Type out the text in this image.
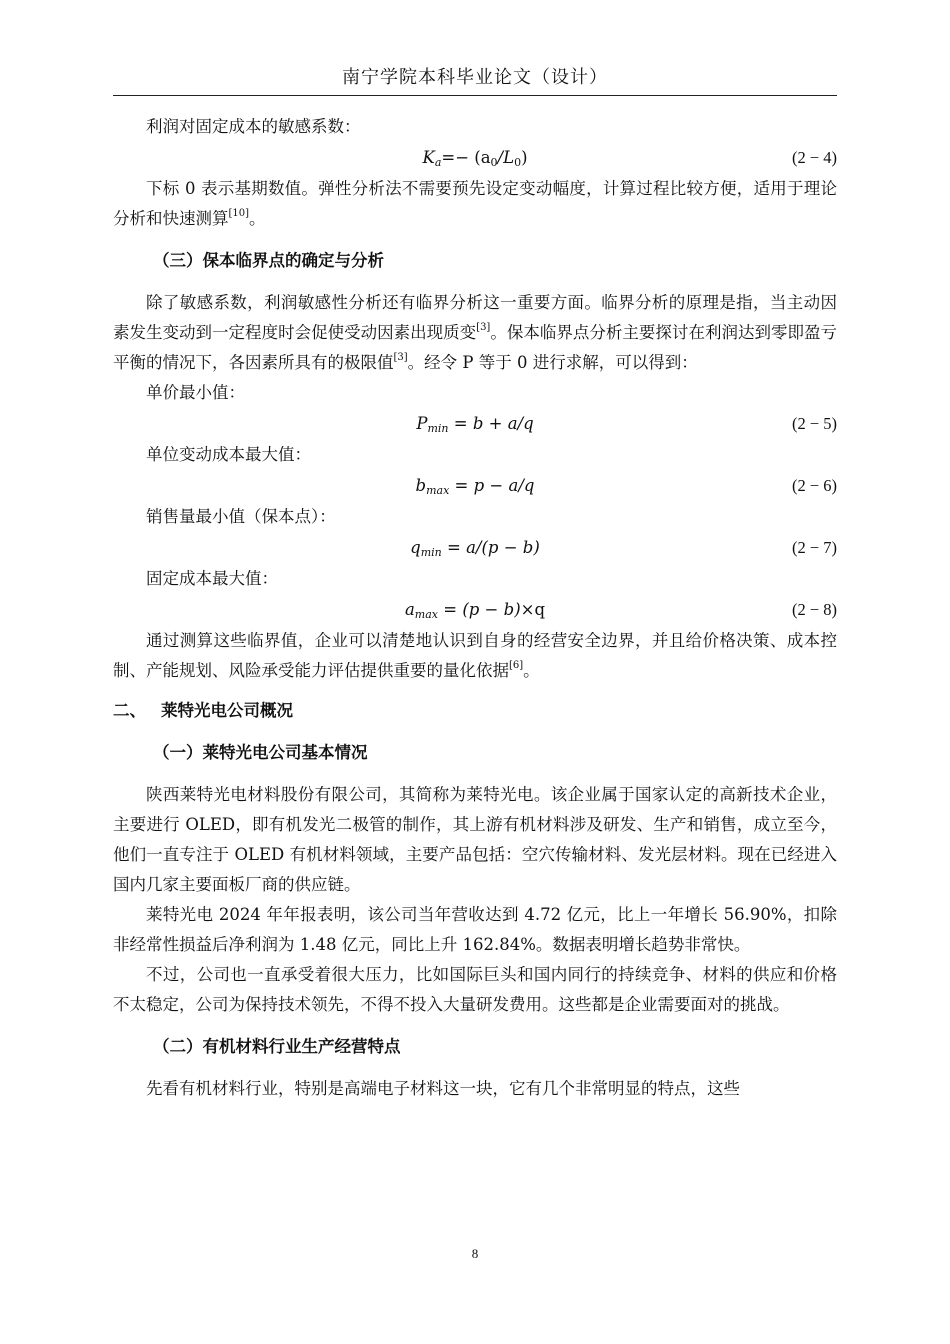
南宁学院本科毕业论文（设计）

利润对固定成本的敏感系数：

$K_a=- (a_0/L_0)$	(2 − 4)

下标 0 表示基期数值。弹性分析法不需要预先设定变动幅度，计算过程比较方便，适用于理论分析和快速测算[10]。

（三）保本临界点的确定与分析

除了敏感系数，利润敏感性分析还有临界分析这一重要方面。临界分析的原理是指，当主动因素发生变动到一定程度时会促使受动因素出现质变[3]。保本临界点分析主要探讨在利润达到零即盈亏平衡的情况下，各因素所具有的极限值[3]。经令 P 等于 0 进行求解，可以得到：

单价最小值：

$P_{min} = b + a/q$	(2 − 5)

单位变动成本最大值：

$b_{max} = p - a/q$	(2 − 6)

销售量最小值（保本点）：

$q_{min} = a/(p - b)$	(2 − 7)

固定成本最大值：

$a_{max} = (p - b)\times q$	(2 − 8)

通过测算这些临界值，企业可以清楚地认识到自身的经营安全边界，并且给价格决策、成本控制、产能规划、风险承受能力评估提供重要的量化依据[6]。

二、 莱特光电公司概况

（一）莱特光电公司基本情况

陕西莱特光电材料股份有限公司，其简称为莱特光电。该企业属于国家认定的高新技术企业，主要进行 OLED，即有机发光二极管的制作，其上游有机材料涉及研发、生产和销售，成立至今，他们一直专注于 OLED 有机材料领域，主要产品包括：空穴传输材料、发光层材料。现在已经进入国内几家主要面板厂商的供应链。

莱特光电 2024 年年报表明，该公司当年营收达到 4.72 亿元，比上一年增长 56.90%，扣除非经常性损益后净利润为 1.48 亿元，同比上升 162.84%。数据表明增长趋势非常快。

不过，公司也一直承受着很大压力，比如国际巨头和国内同行的持续竞争、材料的供应和价格不太稳定，公司为保持技术领先，不得不投入大量研发费用。这些都是企业需要面对的挑战。

（二）有机材料行业生产经营特点

先看有机材料行业，特别是高端电子材料这一块，它有几个非常明显的特点，这些

8
